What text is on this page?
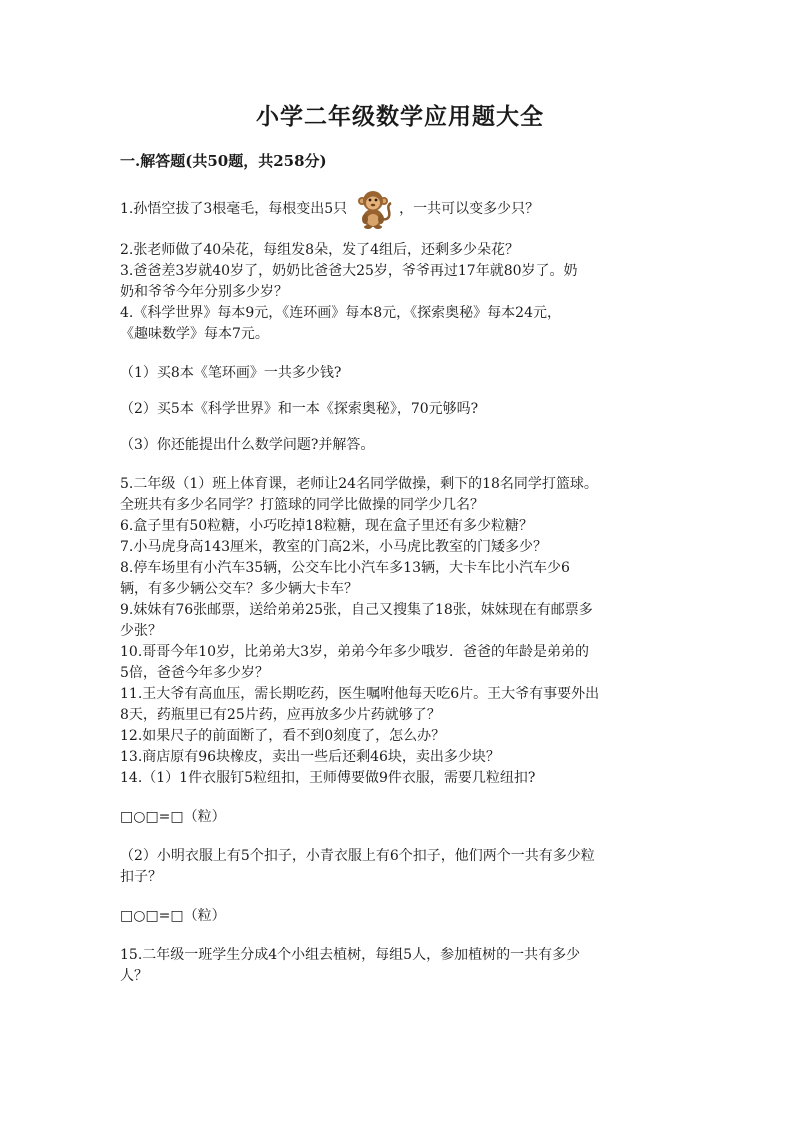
小学二年级数学应用题大全
一.解答题(共50题，共258分)
1.孙悟空拔了3根毫毛，每根变出5只	，一共可以变多少只？
2.张老师做了40朵花，每组发8朵，发了4组后，还剩多少朵花？
3.爸爸差3岁就40岁了，奶奶比爸爸大25岁，爷爷再过17年就80岁了。奶
奶和爷爷今年分别多少岁？
4.《科学世界》每本9元，《连环画》每本8元，《探索奥秘》每本24元，
《趣味数学》每本7元。
（1）买8本《笔环画》一共多少钱?
（2）买5本《科学世界》和一本《探索奥秘》，70元够吗?
（3）你还能提出什么数学问题?并解答。
5.二年级（1）班上体育课，老师让24名同学做操，剩下的18名同学打篮球。
全班共有多少名同学？打篮球的同学比做操的同学少几名？
6.盒子里有50粒糖，小巧吃掉18粒糖，现在盒子里还有多少粒糖？
7.小马虎身高143厘米，教室的门高2米，小马虎比教室的门矮多少？
8.停车场里有小汽车35辆，公交车比小汽车多13辆，大卡车比小汽车少6
辆，有多少辆公交车？多少辆大卡车？
9.妹妹有76张邮票，送给弟弟25张，自己又搜集了18张，妹妹现在有邮票多
少张？
10.哥哥今年10岁，比弟弟大3岁，弟弟今年多少哦岁．爸爸的年龄是弟弟的
5倍，爸爸今年多少岁？
11.王大爷有高血压，需长期吃药，医生嘱咐他每天吃6片。王大爷有事要外出
8天，药瓶里已有25片药，应再放多少片药就够了？
12.如果尺子的前面断了，看不到0刻度了，怎么办？
13.商店原有96块橡皮，卖出一些后还剩46块，卖出多少块？
14.（1）1件衣服钉5粒纽扣，王师傅要做9件衣服，需要几粒纽扣?
□○□=□（粒）
（2）小明衣服上有5个扣子，小青衣服上有6个扣子，他们两个一共有多少粒
扣子？
□○□=□（粒）
15.二年级一班学生分成4个小组去植树，每组5人，参加植树的一共有多少
人？
